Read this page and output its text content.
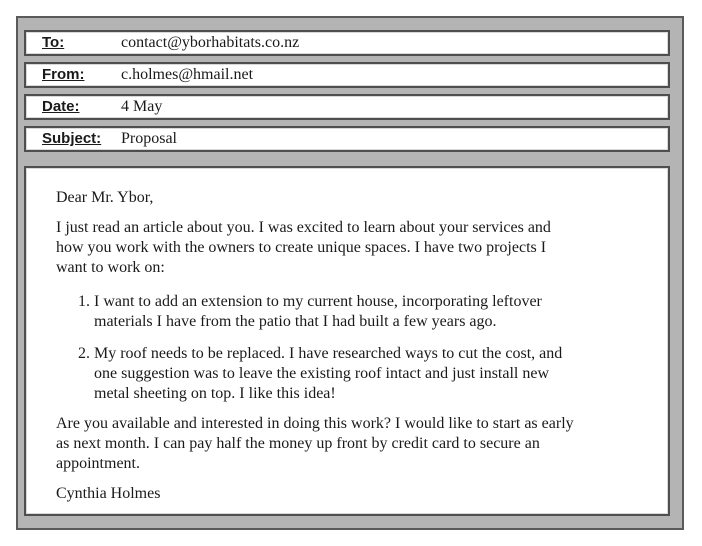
To:	contact@yborhabitats.co.nz
From: c.holmes@hmail.net
Date:	4 May
Subject: Proposal

Dear Mr. Ybor,

I just read an article about you. I was excited to learn about your services and

how you work with the owners to create unique spaces. I have two projects I

want to work on:

1. I want to add an extension to my current house, incorporating leftover

materials I have from the patio that I had built a few years ago.

2. My roof needs to be replaced. I have researched ways to cut the cost, and

one suggestion was to leave the existing roof intact and just install new

metal sheeting on top. I like this idea!

Are you available and interested in doing this work? I would like to start as early

as next month. I can pay half the money up front by credit card to secure an

appointment.

Cynthia Holmes
